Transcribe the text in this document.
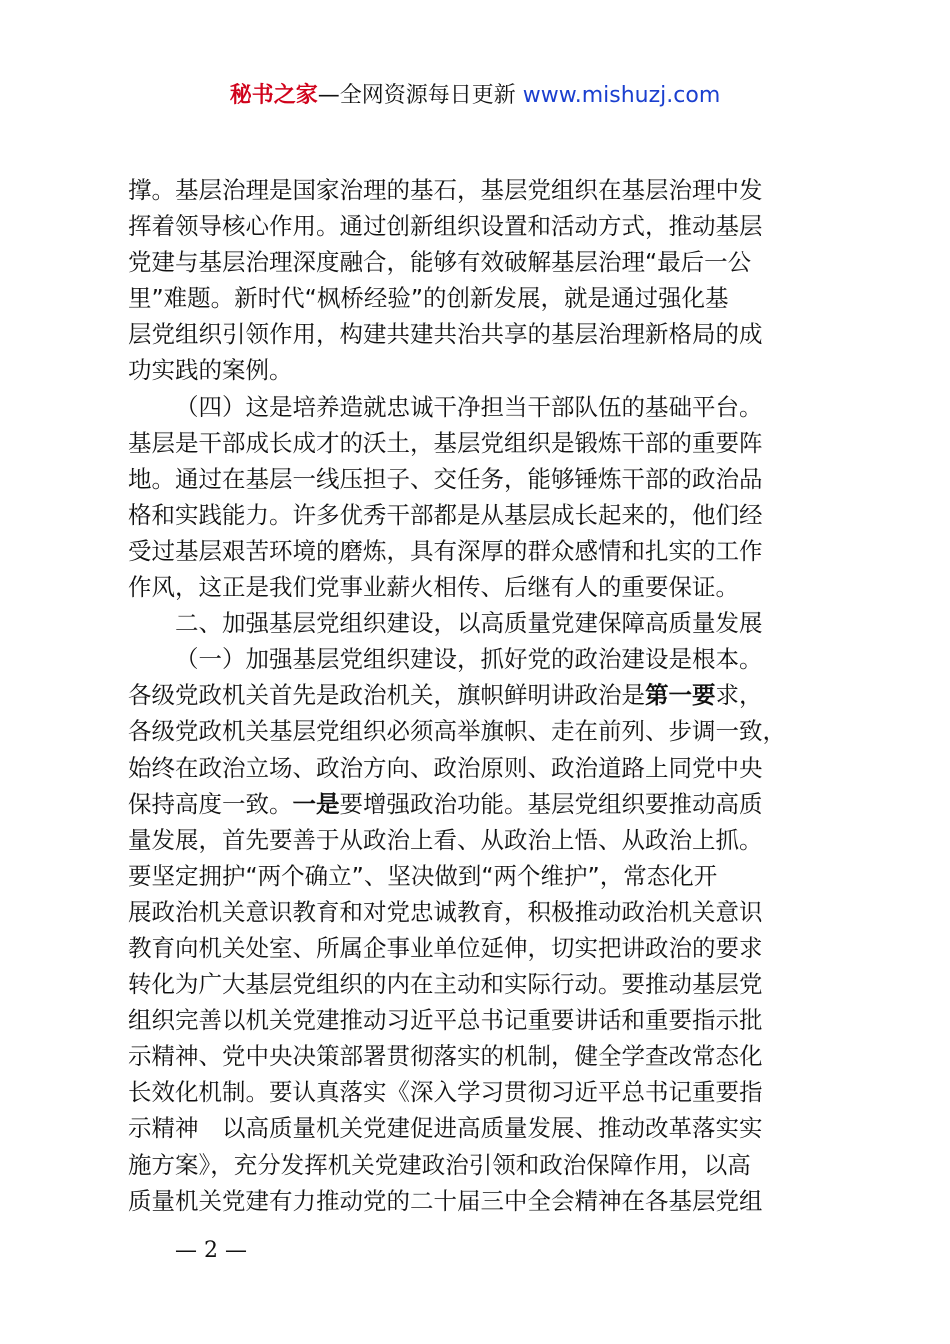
秘书之家—全网资源每日更新 www.mishuzj.com
撑。基层治理是国家治理的基石，基层党组织在基层治理中发
挥着领导核心作用。通过创新组织设置和活动方式，推动基层
党建与基层治理深度融合，能够有效破解基层治理“最后一公
里”难题。新时代“枫桥经验”的创新发展，就是通过强化基
层党组织引领作用，构建共建共治共享的基层治理新格局的成
功实践的案例。
（四）这是培养造就忠诚干净担当干部队伍的基础平台。
基层是干部成长成才的沃土，基层党组织是锻炼干部的重要阵
地。通过在基层一线压担子、交任务，能够锤炼干部的政治品
格和实践能力。许多优秀干部都是从基层成长起来的，他们经
受过基层艰苦环境的磨炼，具有深厚的群众感情和扎实的工作
作风，这正是我们党事业薪火相传、后继有人的重要保证。
二、加强基层党组织建设，以高质量党建保障高质量发展
（一）加强基层党组织建设，抓好党的政治建设是根本。
各级党政机关首先是政治机关，旗帜鲜明讲政治是第一要求，
各级党政机关基层党组织必须高举旗帜、走在前列、步调一致，
始终在政治立场、政治方向、政治原则、政治道路上同党中央
保持高度一致。一是要增强政治功能。基层党组织要推动高质
量发展，首先要善于从政治上看、从政治上悟、从政治上抓。
要坚定拥护“两个确立”、坚决做到“两个维护”，常态化开
展政治机关意识教育和对党忠诚教育，积极推动政治机关意识
教育向机关处室、所属企事业单位延伸，切实把讲政治的要求
转化为广大基层党组织的内在主动和实际行动。要推动基层党
组织完善以机关党建推动习近平总书记重要讲话和重要指示批
示精神、党中央决策部署贯彻落实的机制，健全学查改常态化
长效化机制。要认真落实《深入学习贯彻习近平总书记重要指
示精神　以高质量机关党建促进高质量发展、推动改革落实实
施方案》，充分发挥机关党建政治引领和政治保障作用，以高
质量机关党建有力推动党的二十届三中全会精神在各基层党组
— 2 —
